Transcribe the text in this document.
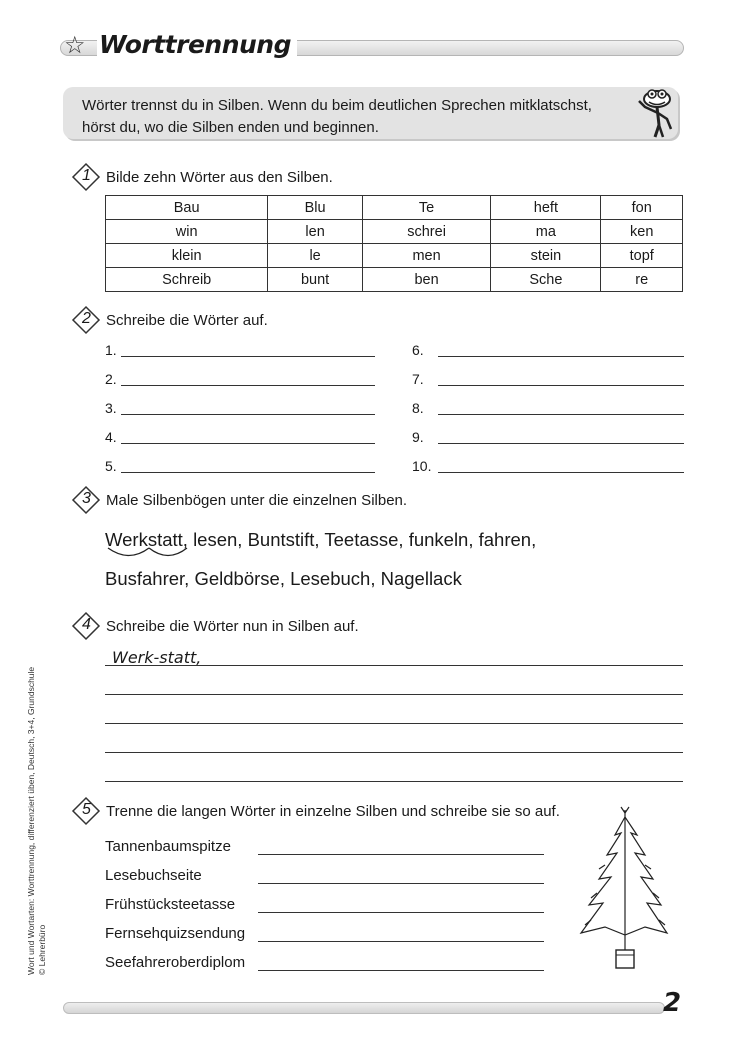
☆ Worttrennung
Wörter trennst du in Silben. Wenn du beim deutlichen Sprechen mitklatschst, hörst du, wo die Silben enden und beginnen.
1 Bilde zehn Wörter aus den Silben.
Bau	Blu	Te	heft	fon
win	len	schrei	ma	ken
klein	le	men	stein	topf
Schreib	bunt	ben	Sche	re
2 Schreibe die Wörter auf.
1.	6.
2.	7.
3.	8.
4.	9.
5.	10.
3 Male Silbenbögen unter die einzelnen Silben.
Werkstatt, lesen, Buntstift, Teetasse, funkeln, fahren,
Busfahrer, Geldbörse, Lesebuch, Nagellack
4 Schreibe die Wörter nun in Silben auf.
Werk-statt,
5 Trenne die langen Wörter in einzelne Silben und schreibe sie so auf.
Tannenbaumspitze
Lesebuchseite
Frühstücksteetasse
Fernsehquizsendung
Seefahreroberdiplom
2
Wort und Wortarten: Worttrennung, differenziert üben, Deutsch, 3+4, Grundschule © Lehrerbüro
